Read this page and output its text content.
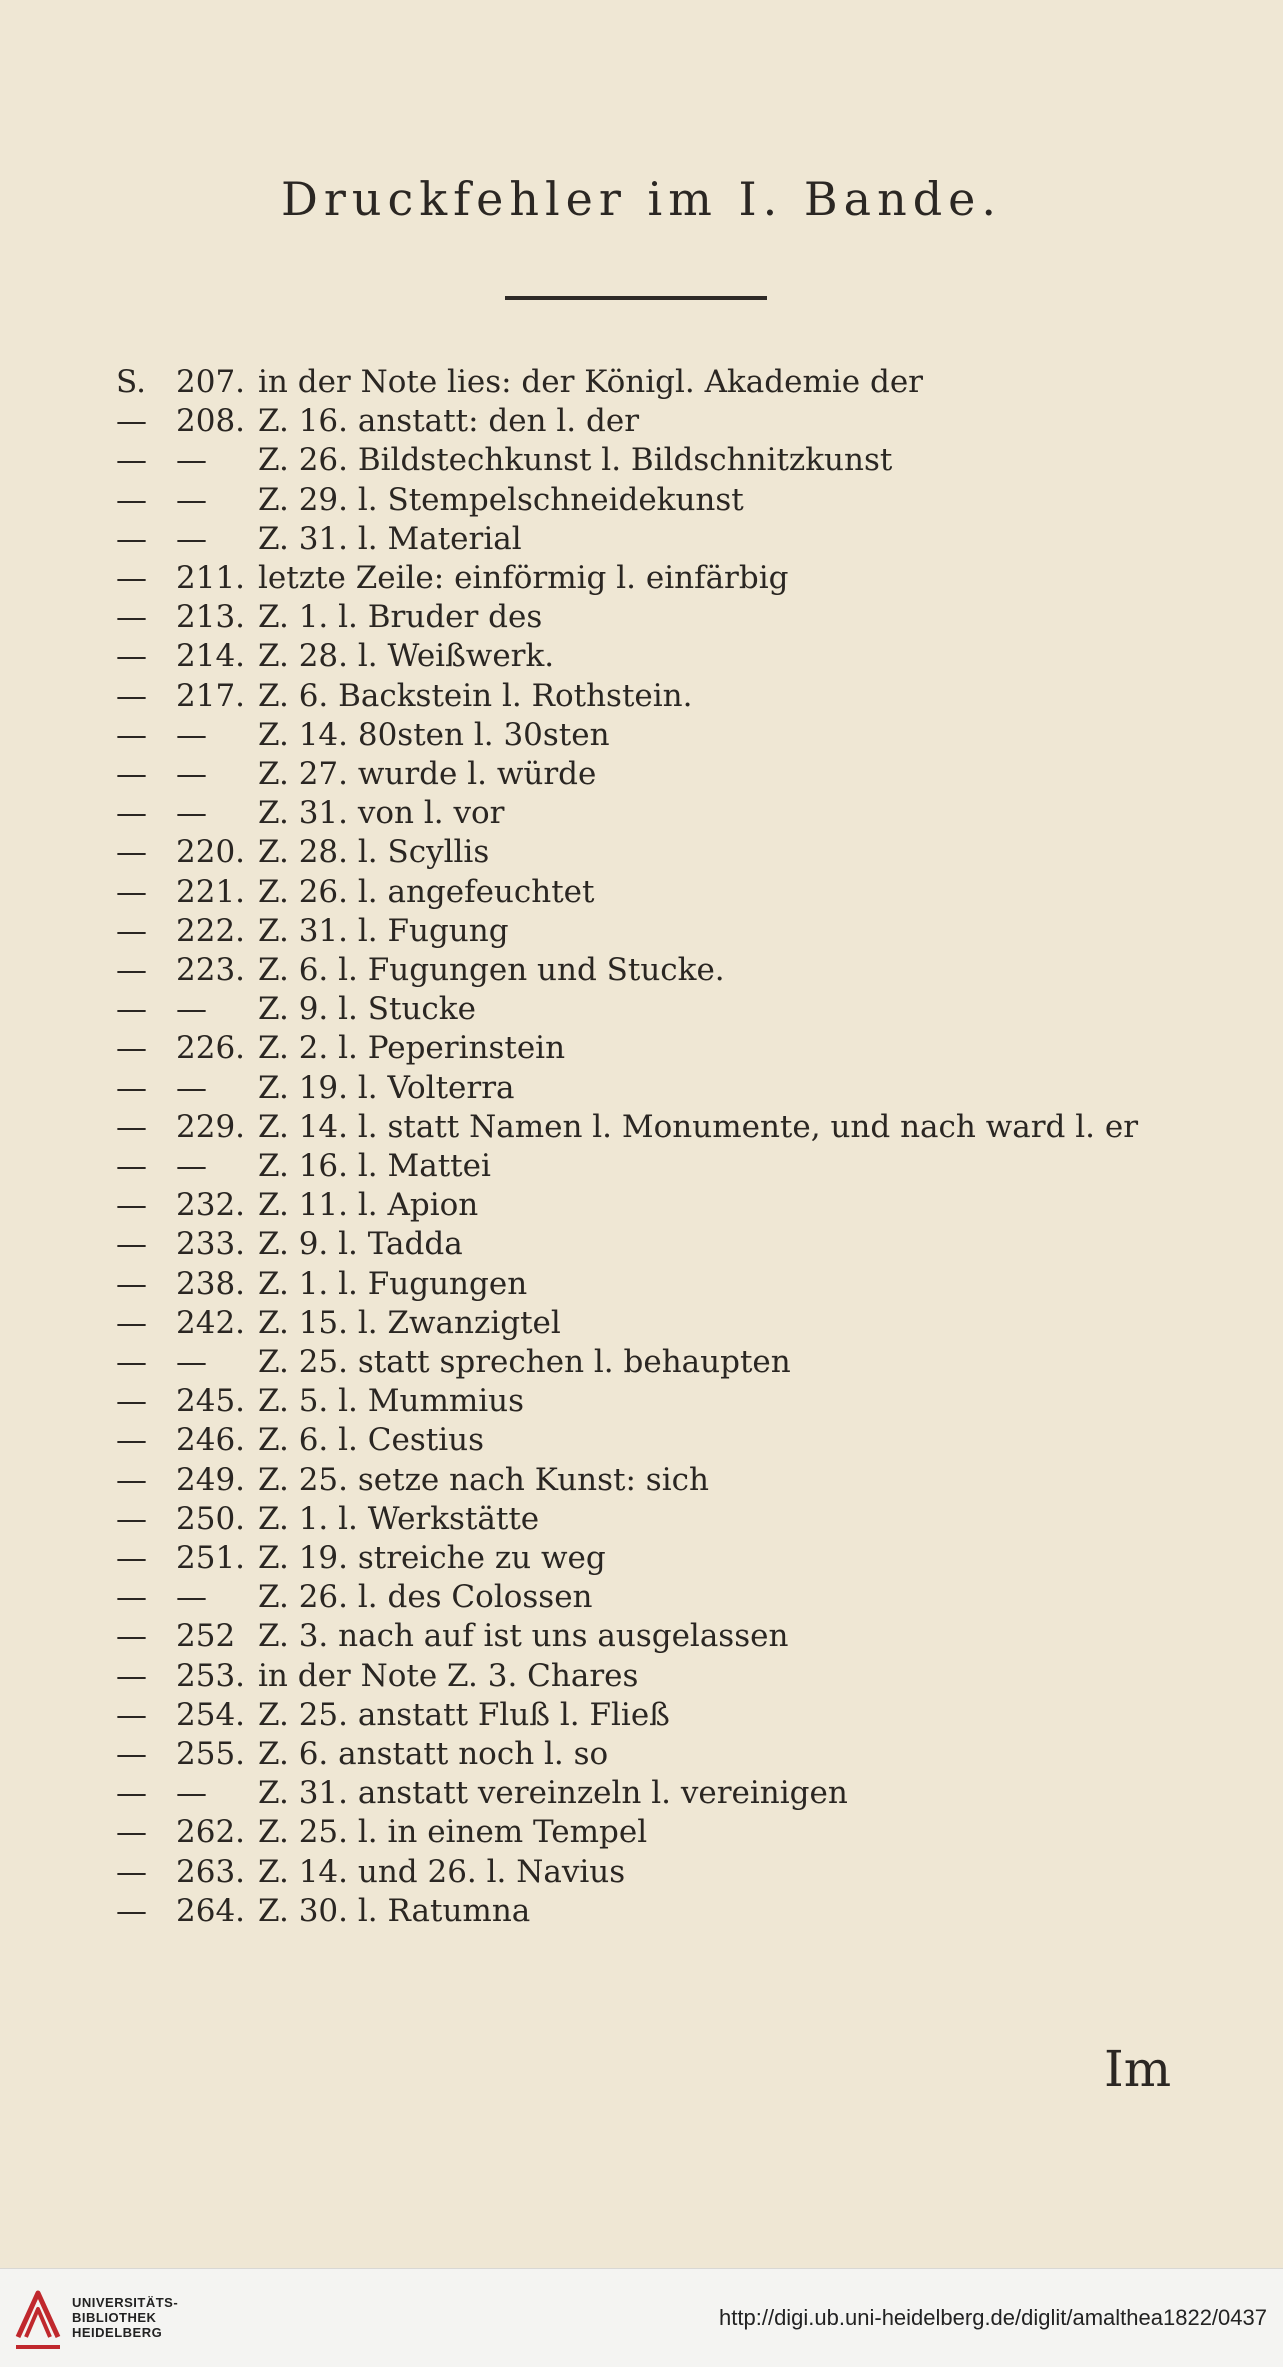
Druckfehler im I. Bande.
S. 207. in der Note lies: der Königl. Akademie der
— 208. Z. 16. anstatt: den l. der
— —	Z. 26. Bildstechkunst l. Bildschnitzkunst
— —	Z. 29. l. Stempelschneidekunst
— —	Z. 31. l. Material
— 211. letzte Zeile: einförmig l. einfärbig
— 213. Z. 1. l. Bruder des
— 214. Z. 28. l. Weißwerk.
— 217. Z. 6. Backstein l. Rothstein.
— —	Z. 14. 80sten l. 30sten
— —	Z. 27. wurde l. würde
— —	Z. 31. von l. vor
— 220. Z. 28. l. Scyllis
— 221. Z. 26. l. angefeuchtet
— 222. Z. 31. l. Fugung
— 223. Z. 6. l. Fugungen und Stucke.
— —	Z. 9. l. Stucke
— 226. Z. 2. l. Peperinstein
— —	Z. 19. l. Volterra
— 229. Z. 14. l. statt Namen l. Monumente, und nach ward l. er
— —	Z. 16. l. Mattei
— 232. Z. 11. l. Apion
— 233. Z. 9. l. Tadda
— 238. Z. 1. l. Fugungen
— 242. Z. 15. l. Zwanzigtel
— —	Z. 25. statt sprechen l. behaupten
— 245. Z. 5. l. Mummius
— 246. Z. 6. l. Cestius
— 249. Z. 25. setze nach Kunst: sich
— 250. Z. 1. l. Werkstätte
— 251. Z. 19. streiche zu weg
— —	Z. 26. l. des Colossen
— 252 Z. 3. nach auf ist uns ausgelassen
— 253. in der Note Z. 3. Chares
— 254. Z. 25. anstatt Fluß l. Fließ
— 255. Z. 6. anstatt noch l. so
— —	Z. 31. anstatt vereinzeln l. vereinigen
— 262. Z. 25. l. in einem Tempel
— 263. Z. 14. und 26. l. Navius
— 264. Z. 30. l. Ratumna
Im
UNIVERSITÄTS-
BIBLIOTHEK
HEIDELBERG
http://digi.ub.uni-heidelberg.de/diglit/amalthea1822/0437
